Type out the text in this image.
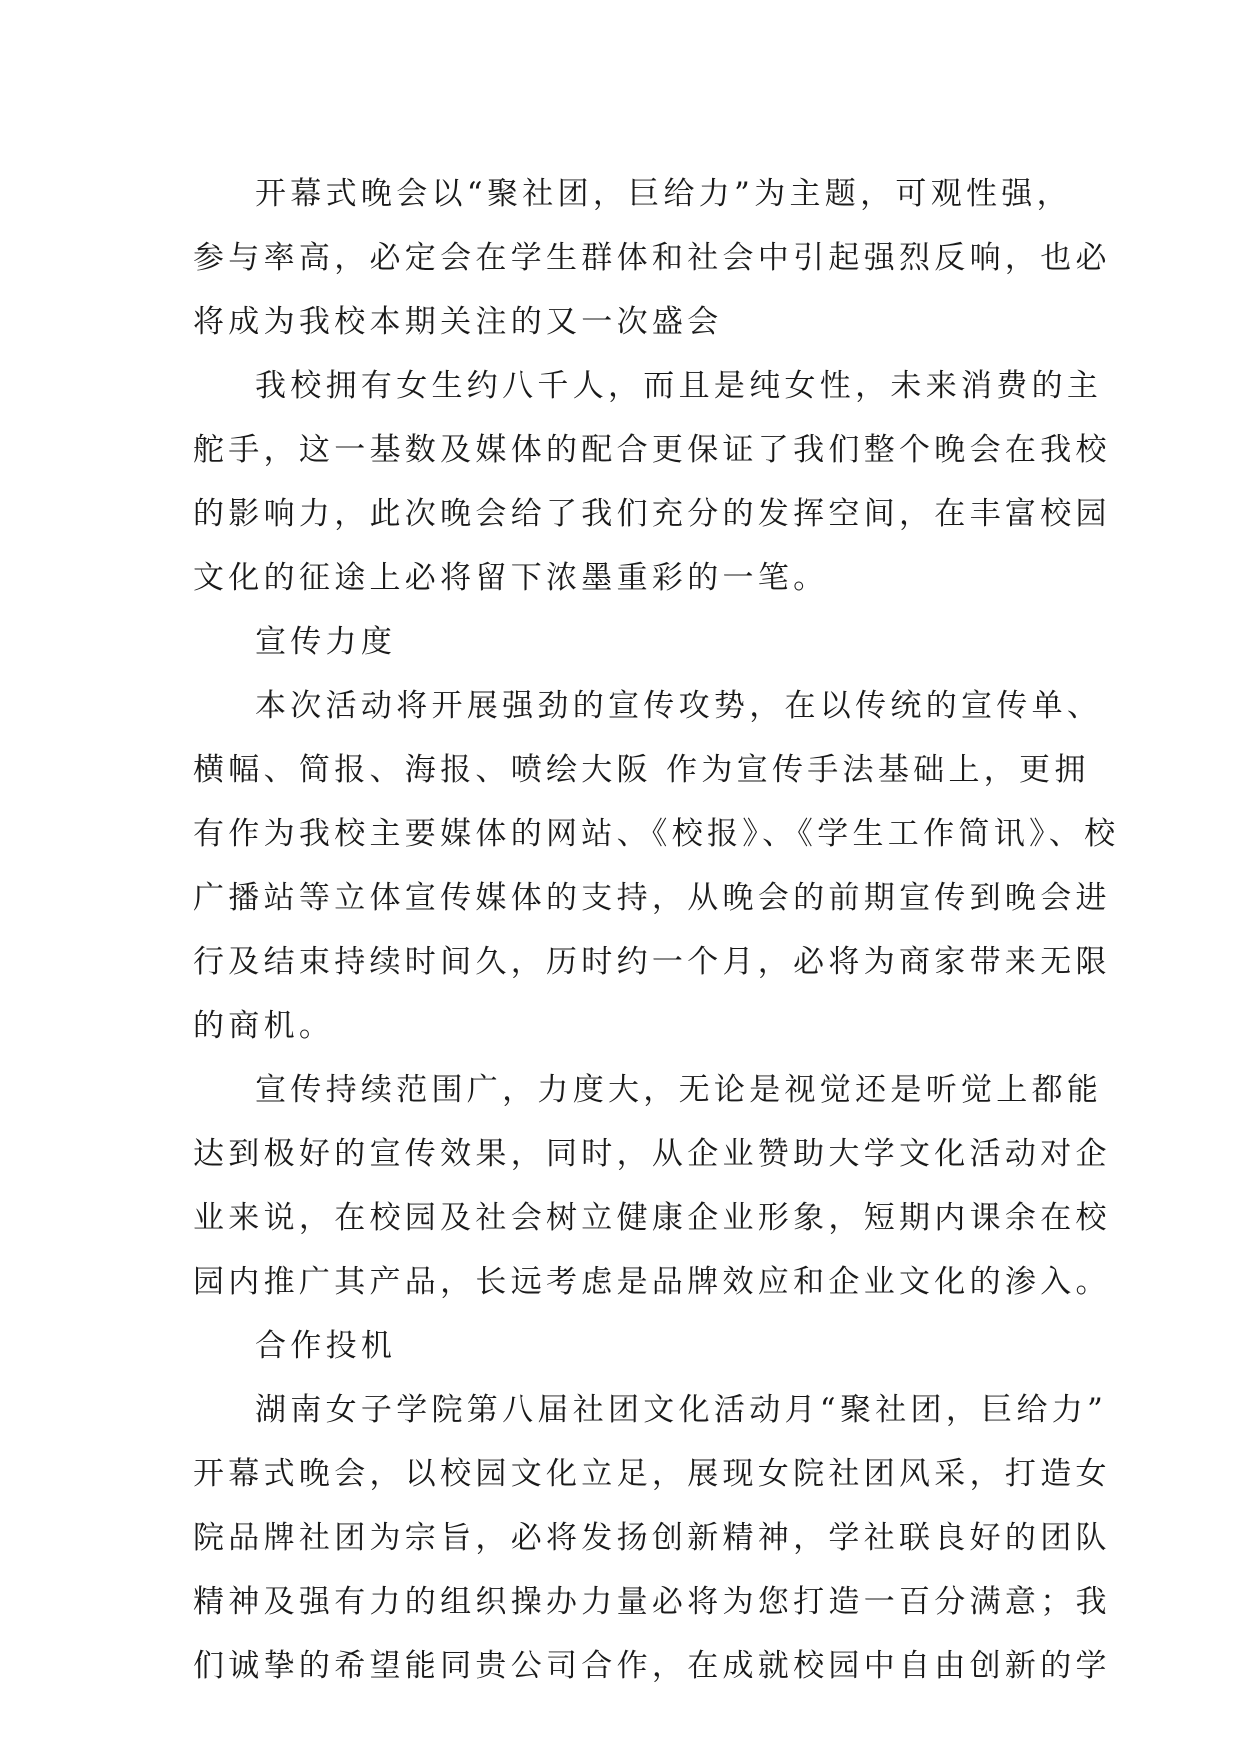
开幕式晚会以“聚社团，巨给力”为主题，可观性强，
参与率高，必定会在学生群体和社会中引起强烈反响，也必
将成为我校本期关注的又一次盛会
我校拥有女生约八千人，而且是纯女性，未来消费的主
舵手，这一基数及媒体的配合更保证了我们整个晚会在我校
的影响力，此次晚会给了我们充分的发挥空间，在丰富校园
文化的征途上必将留下浓墨重彩的一笔。
宣传力度
本次活动将开展强劲的宣传攻势，在以传统的宣传单、
横幅、简报、海报、喷绘大阪 作为宣传手法基础上，更拥
有作为我校主要媒体的网站、《校报》、《学生工作简讯》、校
广播站等立体宣传媒体的支持，从晚会的前期宣传到晚会进
行及结束持续时间久，历时约一个月，必将为商家带来无限
的商机。
宣传持续范围广，力度大，无论是视觉还是听觉上都能
达到极好的宣传效果，同时，从企业赞助大学文化活动对企
业来说，在校园及社会树立健康企业形象，短期内课余在校
园内推广其产品，长远考虑是品牌效应和企业文化的渗入。
合作投机
湖南女子学院第八届社团文化活动月“聚社团，巨给力”
开幕式晚会，以校园文化立足，展现女院社团风采，打造女
院品牌社团为宗旨，必将发扬创新精神，学社联良好的团队
精神及强有力的组织操办力量必将为您打造一百分满意；我
们诚挚的希望能同贵公司合作，在成就校园中自由创新的学
